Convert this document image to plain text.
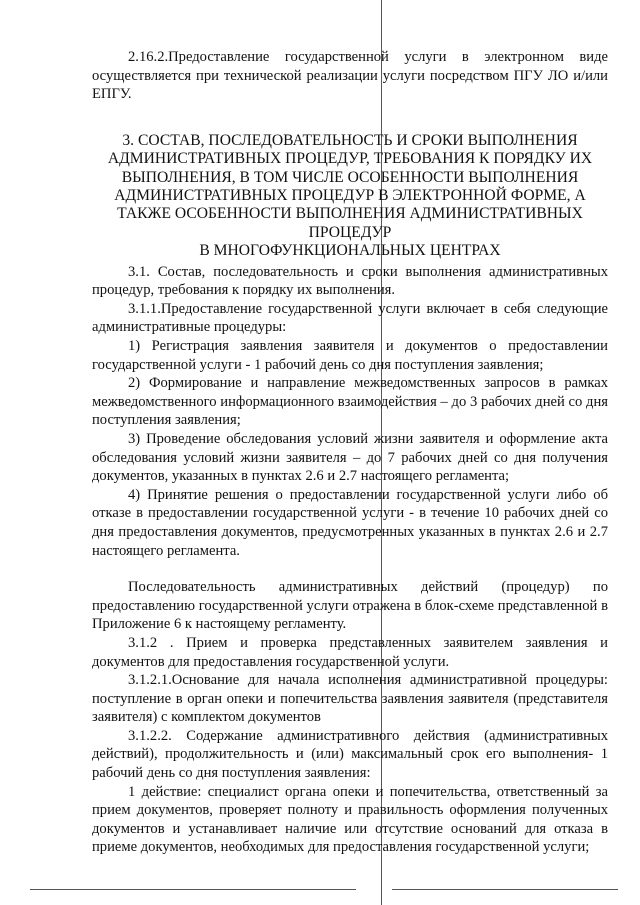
2.16.2.Предоставление государственной услуги в электронном виде осуществляется при технической реализации услуги посредством ПГУ ЛО и/или ЕПГУ.

3. СОСТАВ, ПОСЛЕДОВАТЕЛЬНОСТЬ И СРОКИ ВЫПОЛНЕНИЯ
АДМИНИСТРАТИВНЫХ ПРОЦЕДУР, ТРЕБОВАНИЯ К ПОРЯДКУ ИХ
ВЫПОЛНЕНИЯ, В ТОМ ЧИСЛЕ ОСОБЕННОСТИ ВЫПОЛНЕНИЯ
АДМИНИСТРАТИВНЫХ ПРОЦЕДУР В ЭЛЕКТРОННОЙ ФОРМЕ, А
ТАКЖЕ ОСОБЕННОСТИ ВЫПОЛНЕНИЯ АДМИНИСТРАТИВНЫХ
ПРОЦЕДУР
В МНОГОФУНКЦИОНАЛЬНЫХ ЦЕНТРАХ

3.1. Состав, последовательность и сроки выполнения административных процедур, требования к порядку их выполнения.

3.1.1.Предоставление государственной услуги включает в себя следующие административные процедуры:

1) Регистрация заявления заявителя и документов о предоставлении государственной услуги - 1 рабочий день со дня поступления заявления;

2) Формирование и направление межведомственных запросов в рамках межведомственного информационного взаимодействия – до 3 рабочих дней со дня поступления заявления;

3) Проведение обследования условий жизни заявителя и оформление акта обследования условий жизни заявителя – до 7 рабочих дней со дня получения документов, указанных в пунктах 2.6 и 2.7 настоящего регламента;

4) Принятие решения о предоставлении государственной услуги либо об отказе в предоставлении государственной услуги - в течение 10 рабочих дней со дня предоставления документов, предусмотренных указанных в пунктах 2.6 и 2.7 настоящего регламента.

Последовательность административных действий (процедур) по предоставлению государственной услуги отражена в блок-схеме представленной в Приложение 6 к настоящему регламенту.

3.1.2 . Прием и проверка представленных заявителем заявления и документов для предоставления государственной услуги.

3.1.2.1.Основание для начала исполнения административной процедуры: поступление в орган опеки и попечительства заявления заявителя (представителя заявителя) с комплектом документов

3.1.2.2. Содержание административного действия (административных действий), продолжительность и (или) максимальный срок его выполнения- 1 рабочий день со дня поступления заявления:

1 действие: специалист органа опеки и попечительства, ответственный за прием документов, проверяет полноту и правильность оформления полученных документов и устанавливает наличие или отсутствие оснований для отказа в приеме документов, необходимых для предоставления государственной услуги;
